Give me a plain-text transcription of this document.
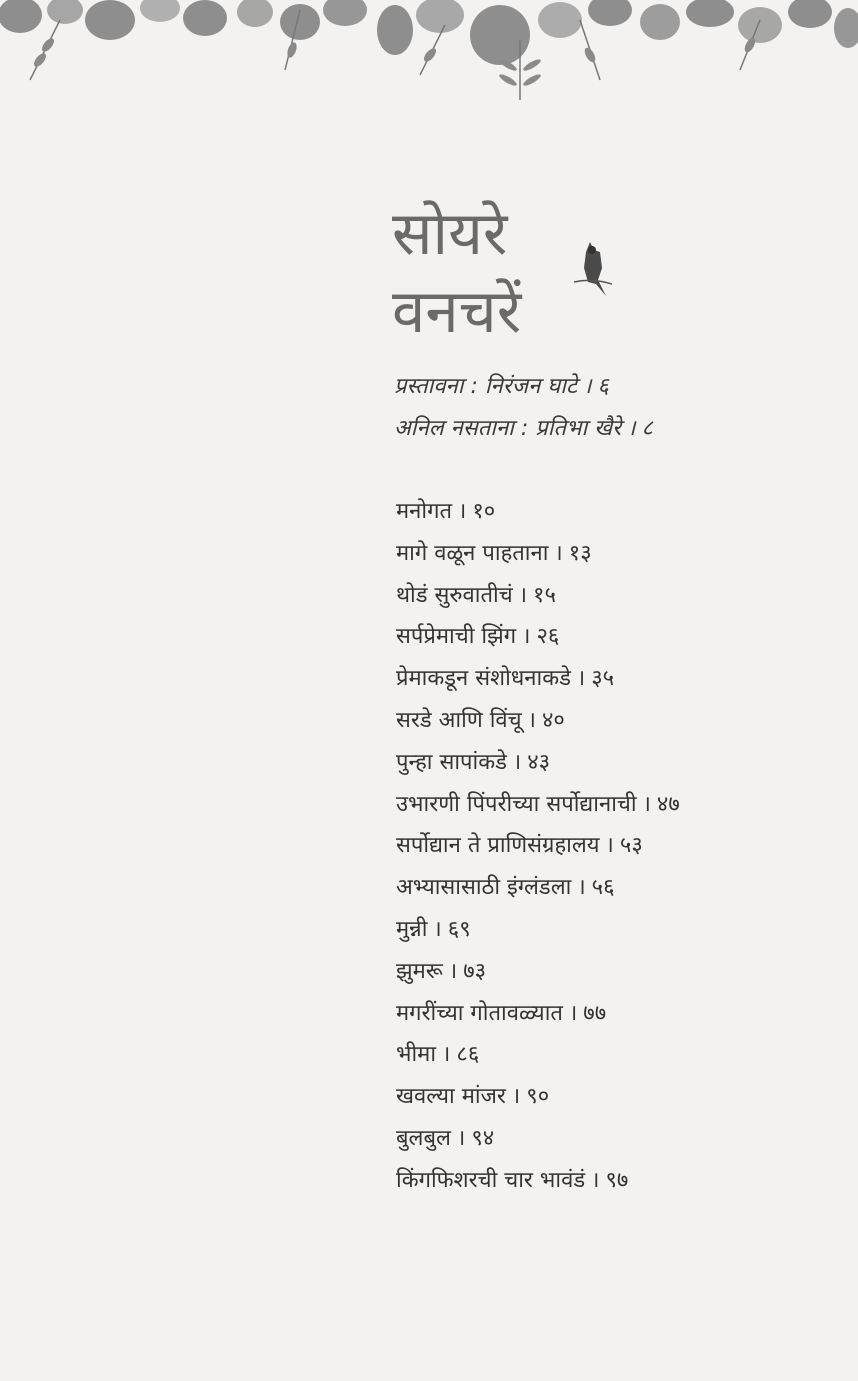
सोयरे
वनचरें
प्रस्तावना : निरंजन घाटे । ६
अनिल नसताना : प्रतिभा खैरे । ८
मनोगत । १०
मागे वळून पाहताना । १३
थोडं सुरुवातीचं । १५
सर्पप्रेमाची झिंग । २६
प्रेमाकडून संशोधनाकडे । ३५
सरडे आणि विंचू । ४०
पुन्हा सापांकडे । ४३
उभारणी पिंपरीच्या सर्पोद्यानाची । ४७
सर्पोद्यान ते प्राणिसंग्रहालय । ५३
अभ्यासासाठी इंग्लंडला । ५६
मुन्नी । ६९
झुमरू । ७३
मगरींच्या गोतावळ्यात । ७७
भीमा । ८६
खवल्या मांजर । ९०
बुलबुल । ९४
किंगफिशरची चार भावंडं । ९७
